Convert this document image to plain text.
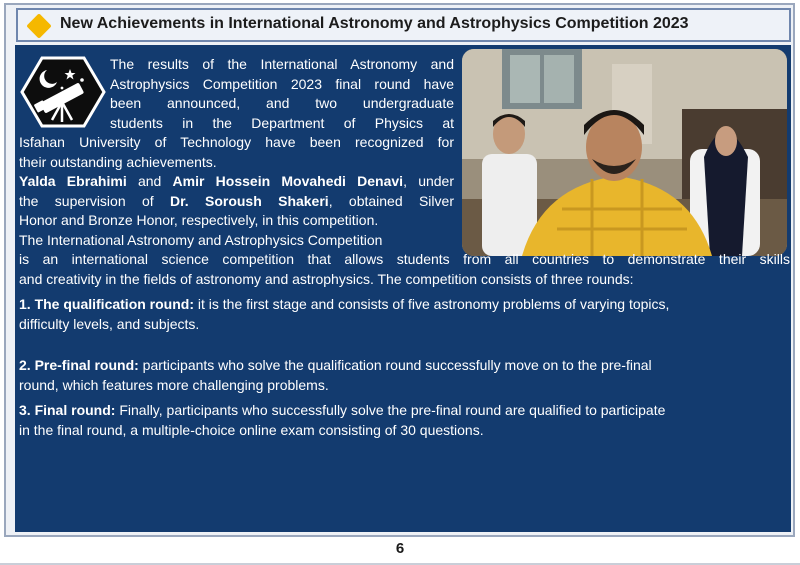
New Achievements in International Astronomy and Astrophysics Competition 2023
The results of the International Astronomy and
Astrophysics Competition 2023 final round have
been announced, and two undergraduate
students in the Department of Physics at
Isfahan University of Technology have been recognized for
their outstanding achievements.
Yalda Ebrahimi and Amir Hossein Movahedi Denavi, under
the supervision of Dr. Soroush Shakeri, obtained Silver
Honor and Bronze Honor, respectively, in this competition.
The International Astronomy and Astrophysics Competition
is an international science competition that allows students from all countries to demonstrate their skills
and creativity in the fields of astronomy and astrophysics. The competition consists of three rounds:
1. The qualification round: it is the first stage and consists of five astronomy problems of varying topics,
difficulty levels, and subjects.
2. Pre-final round: participants who solve the qualification round successfully move on to the pre-final
round, which features more challenging problems.
3. Final round: Finally, participants who successfully solve the pre-final round are qualified to participate
in the final round, a multiple-choice online exam consisting of 30 questions.
6
